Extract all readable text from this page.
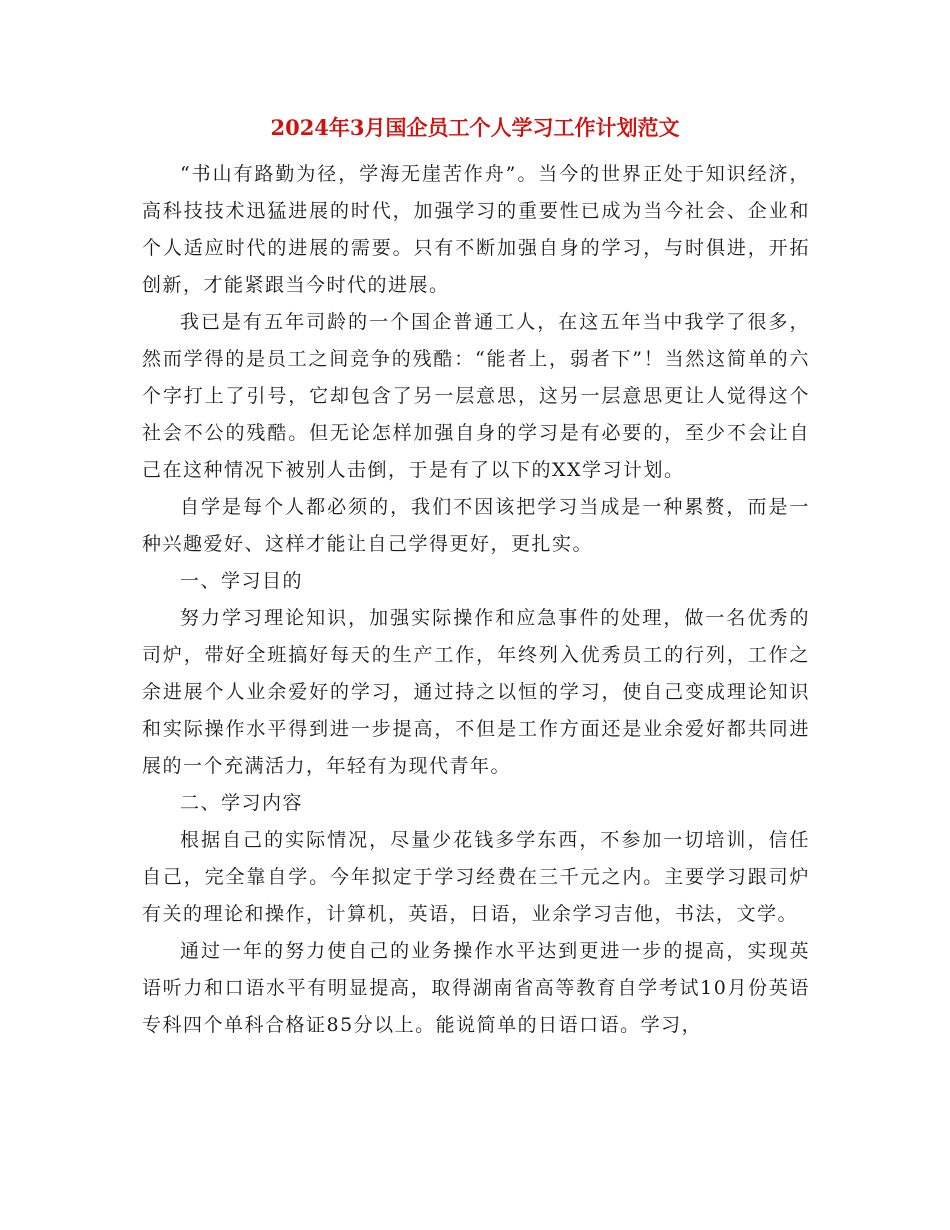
2024年3月国企员工个人学习工作计划范文

“书山有路勤为径，学海无崖苦作舟”。当今的世界正处于知识经济，高科技技术迅猛进展的时代，加强学习的重要性已成为当今社会、企业和个人适应时代的进展的需要。只有不断加强自身的学习，与时俱进，开拓创新，才能紧跟当今时代的进展。

我已是有五年司龄的一个国企普通工人，在这五年当中我学了很多，然而学得的是员工之间竞争的残酷：“能者上，弱者下”！当然这简单的六个字打上了引号，它却包含了另一层意思，这另一层意思更让人觉得这个社会不公的残酷。但无论怎样加强自身的学习是有必要的，至少不会让自己在这种情况下被别人击倒，于是有了以下的XX学习计划。

自学是每个人都必须的，我们不因该把学习当成是一种累赘，而是一种兴趣爱好、这样才能让自己学得更好，更扎实。

一、学习目的

努力学习理论知识，加强实际操作和应急事件的处理，做一名优秀的司炉，带好全班搞好每天的生产工作，年终列入优秀员工的行列，工作之余进展个人业余爱好的学习，通过持之以恒的学习，使自己变成理论知识和实际操作水平得到进一步提高，不但是工作方面还是业余爱好都共同进展的一个充满活力，年轻有为现代青年。

二、学习内容

根据自己的实际情况，尽量少花钱多学东西，不参加一切培训，信任自己，完全靠自学。今年拟定于学习经费在三千元之内。主要学习跟司炉有关的理论和操作，计算机，英语，日语，业余学习吉他，书法，文学。

通过一年的努力使自己的业务操作水平达到更进一步的提高，实现英语听力和口语水平有明显提高，取得湖南省高等教育自学考试10月份英语专科四个单科合格证85分以上。能说简单的日语口语。学习，
